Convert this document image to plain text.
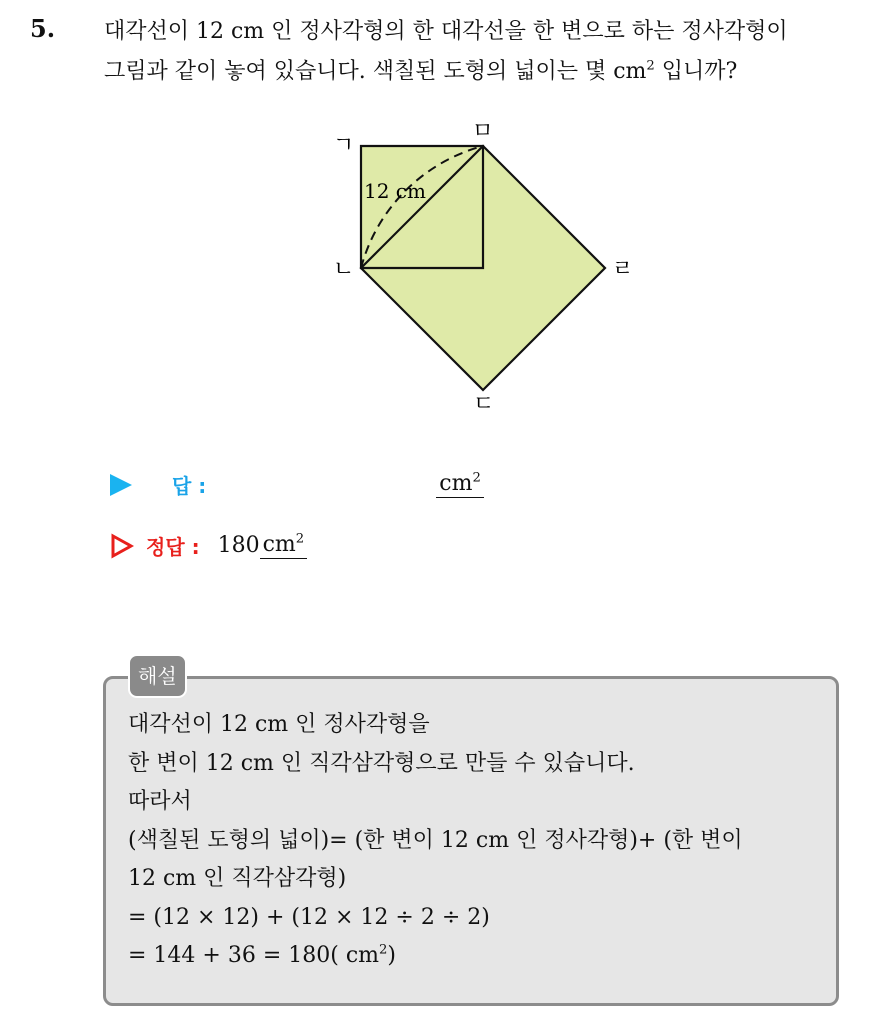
5. 대각선이 12 cm 인 정사각형의 한 대각선을 한 변으로 하는 정사각형이

그림과 같이 놓여 있습니다. 색칠된 도형의 넓이는 몇 $cm^2$ 입니까?

ㄱ
ㅁ
ㄴ	ㄹ
ㄷ
12 cm
답 :	$cm^2$
정답 : 180 $cm^2$
해설

대각선이 12 cm 인 정사각형을

한 변이 12 cm 인 직각삼각형으로 만들 수 있습니다.

따라서

(색칠된 도형의 넓이)= (한 변이 12 cm 인 정사각형)+ (한 변이

12 cm 인 직각삼각형)

= (12 × 12) + (12 × 12 ÷ 2 ÷ 2)

= 144 + 36 = 180( $cm^2$)
